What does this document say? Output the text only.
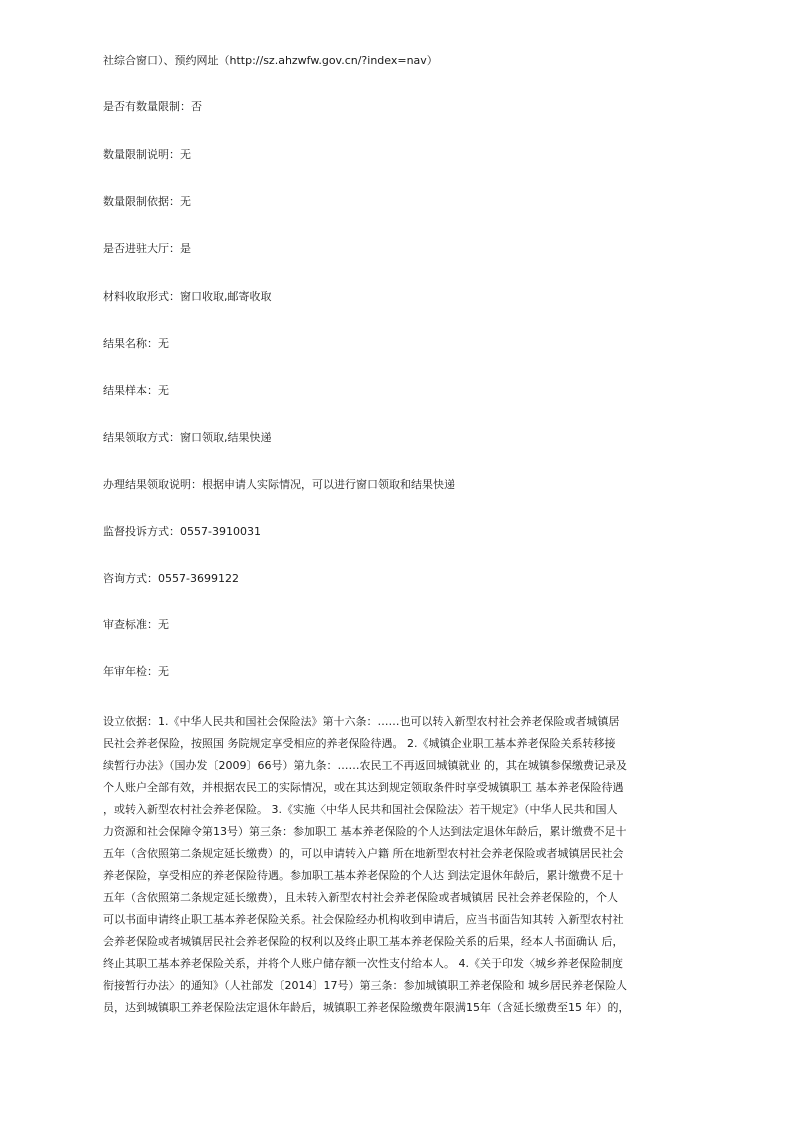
社综合窗口）、预约网址（http://sz.ahzwfw.gov.cn/?index=nav）
是否有数量限制：否
数量限制说明：无
数量限制依据：无
是否进驻大厅：是
材料收取形式：窗口收取,邮寄收取
结果名称：无
结果样本：无
结果领取方式：窗口领取,结果快递
办理结果领取说明：根据申请人实际情况，可以进行窗口领取和结果快递
监督投诉方式：0557-3910031
咨询方式：0557-3699122
审查标准：无
年审年检：无
设立依据：1.《中华人民共和国社会保险法》第十六条：……也可以转入新型农村社会养老保险或者城镇居
民社会养老保险，按照国 务院规定享受相应的养老保险待遇。 2.《城镇企业职工基本养老保险关系转移接
续暂行办法》（国办发〔2009〕66号）第九条：……农民工不再返回城镇就业 的，其在城镇参保缴费记录及
个人账户全部有效，并根据农民工的实际情况，或在其达到规定领取条件时享受城镇职工 基本养老保险待遇
，或转入新型农村社会养老保险。 3.《实施〈中华人民共和国社会保险法〉若干规定》（中华人民共和国人
力资源和社会保障令第13号）第三条：参加职工 基本养老保险的个人达到法定退休年龄后，累计缴费不足十
五年（含依照第二条规定延长缴费）的，可以申请转入户籍 所在地新型农村社会养老保险或者城镇居民社会
养老保险，享受相应的养老保险待遇。参加职工基本养老保险的个人达 到法定退休年龄后，累计缴费不足十
五年（含依照第二条规定延长缴费），且未转入新型农村社会养老保险或者城镇居 民社会养老保险的，个人
可以书面申请终止职工基本养老保险关系。社会保险经办机构收到申请后，应当书面告知其转 入新型农村社
会养老保险或者城镇居民社会养老保险的权利以及终止职工基本养老保险关系的后果，经本人书面确认 后，
终止其职工基本养老保险关系，并将个人账户储存额一次性支付给本人。 4.《关于印发〈城乡养老保险制度
衔接暂行办法〉的通知》（人社部发〔2014〕17号）第三条：参加城镇职工养老保险和 城乡居民养老保险人
员，达到城镇职工养老保险法定退休年龄后，城镇职工养老保险缴费年限满15年（含延长缴费至15 年）的，
